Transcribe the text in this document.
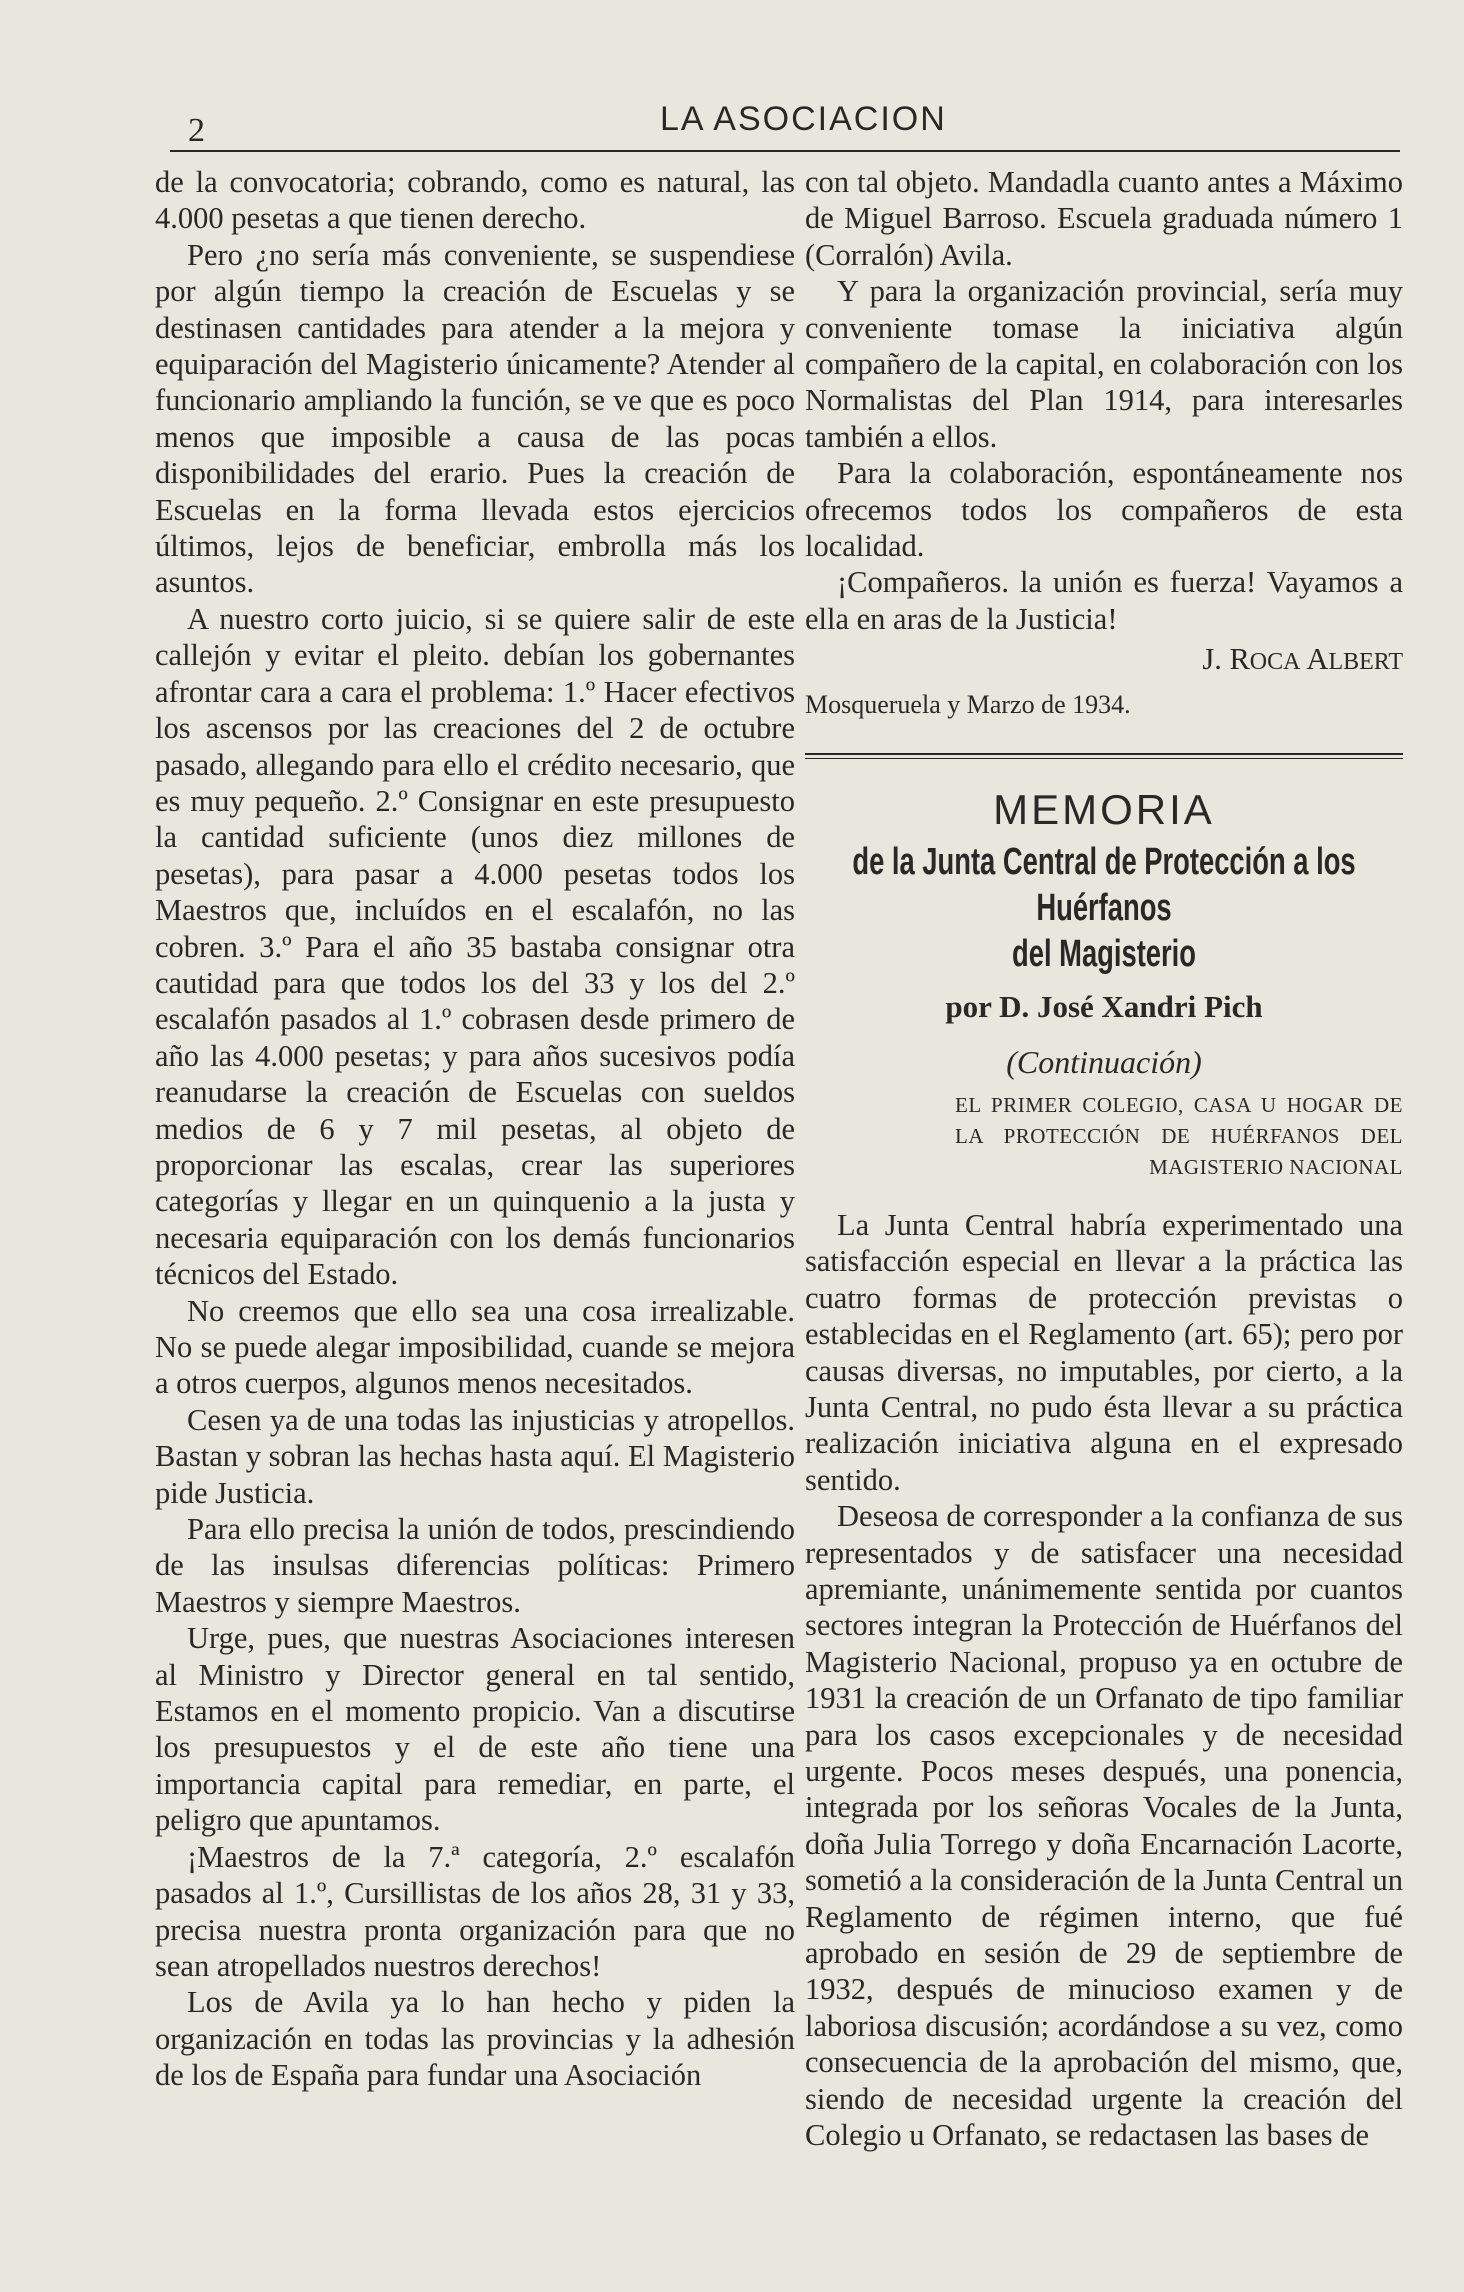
2	LA ASOCIACION

de la convocatoria; cobrando, como es natural, las 4.000 pesetas a que tienen derecho.

Pero ¿no sería más conveniente, se suspendiese por algún tiempo la creación de Escuelas y se destinasen cantidades para atender a la mejora y equiparación del Magisterio únicamente? Atender al funcionario ampliando la función, se ve que es poco menos que imposible a causa de las pocas disponibilidades del erario. Pues la creación de Escuelas en la forma llevada estos ejercicios últimos, lejos de beneficiar, embrolla más los asuntos.

A nuestro corto juicio, si se quiere salir de este callejón y evitar el pleito. debían los gobernantes afrontar cara a cara el problema: 1.º Hacer efectivos los ascensos por las creaciones del 2 de octubre pasado, allegando para ello el crédito necesario, que es muy pequeño. 2.º Consignar en este presupuesto la cantidad suficiente (unos diez millones de pesetas), para pasar a 4.000 pesetas todos los Maestros que, incluídos en el escalafón, no las cobren. 3.º Para el año 35 bastaba consignar otra cautidad para que todos los del 33 y los del 2.º escalafón pasados al 1.º cobrasen desde primero de año las 4.000 pesetas; y para años sucesivos podía reanudarse la creación de Escuelas con sueldos medios de 6 y 7 mil pesetas, al objeto de proporcionar las escalas, crear las superiores categorías y llegar en un quinquenio a la justa y necesaria equiparación con los demás funcionarios técnicos del Estado.

No creemos que ello sea una cosa irrealizable. No se puede alegar imposibilidad, cuande se mejora a otros cuerpos, algunos menos necesitados.

Cesen ya de una todas las injusticias y atropellos. Bastan y sobran las hechas hasta aquí. El Magisterio pide Justicia.

Para ello precisa la unión de todos, prescindiendo de las insulsas diferencias políticas: Primero Maestros y siempre Maestros.

Urge, pues, que nuestras Asociaciones interesen al Ministro y Director general en tal sentido, Estamos en el momento propicio. Van a discutirse los presupuestos y el de este año tiene una importancia capital para remediar, en parte, el peligro que apuntamos.

¡Maestros de la 7.ª categoría, 2.º escalafón pasados al 1.º, Cursillistas de los años 28, 31 y 33, precisa nuestra pronta organización para que no sean atropellados nuestros derechos!

Los de Avila ya lo han hecho y piden la organización en todas las provincias y la adhesión de los de España para fundar una Asociación

con tal objeto. Mandadla cuanto antes a Máximo de Miguel Barroso. Escuela graduada número 1 (Corralón) Avila.

Y para la organización provincial, sería muy conveniente tomase la iniciativa algún compañero de la capital, en colaboración con los Normalistas del Plan 1914, para interesarles también a ellos.

Para la colaboración, espontáneamente nos ofrecemos todos los compañeros de esta localidad.

¡Compañeros. la unión es fuerza! Vayamos a ella en aras de la Justicia!

J. ROCA ALBERT
Mosqueruela y Marzo de 1934.
MEMORIA
de la Junta Central de Protección a los Huérfanos
del Magisterio
por D. José Xandri Pich
(Continuación)
EL PRIMER COLEGIO, CASA U HOGAR DE LA PROTECCIÓN DE HUÉRFANOS DEL MAGISTERIO NACIONAL

La Junta Central habría experimentado una satisfacción especial en llevar a la práctica las cuatro formas de protección previstas o establecidas en el Reglamento (art. 65); pero por causas diversas, no imputables, por cierto, a la Junta Central, no pudo ésta llevar a su práctica realización iniciativa alguna en el expresado sentido.

Deseosa de corresponder a la confianza de sus representados y de satisfacer una necesidad apremiante, unánimemente sentida por cuantos sectores integran la Protección de Huérfanos del Magisterio Nacional, propuso ya en octubre de 1931 la creación de un Orfanato de tipo familiar para los casos excepcionales y de necesidad urgente. Pocos meses después, una ponencia, integrada por los señoras Vocales de la Junta, doña Julia Torrego y doña Encarnación Lacorte, sometió a la consideración de la Junta Central un Reglamento de régimen interno, que fué aprobado en sesión de 29 de septiembre de 1932, después de minucioso examen y de laboriosa discusión; acordándose a su vez, como consecuencia de la aprobación del mismo, que, siendo de necesidad urgente la creación del Colegio u Orfanato, se redactasen las bases de
